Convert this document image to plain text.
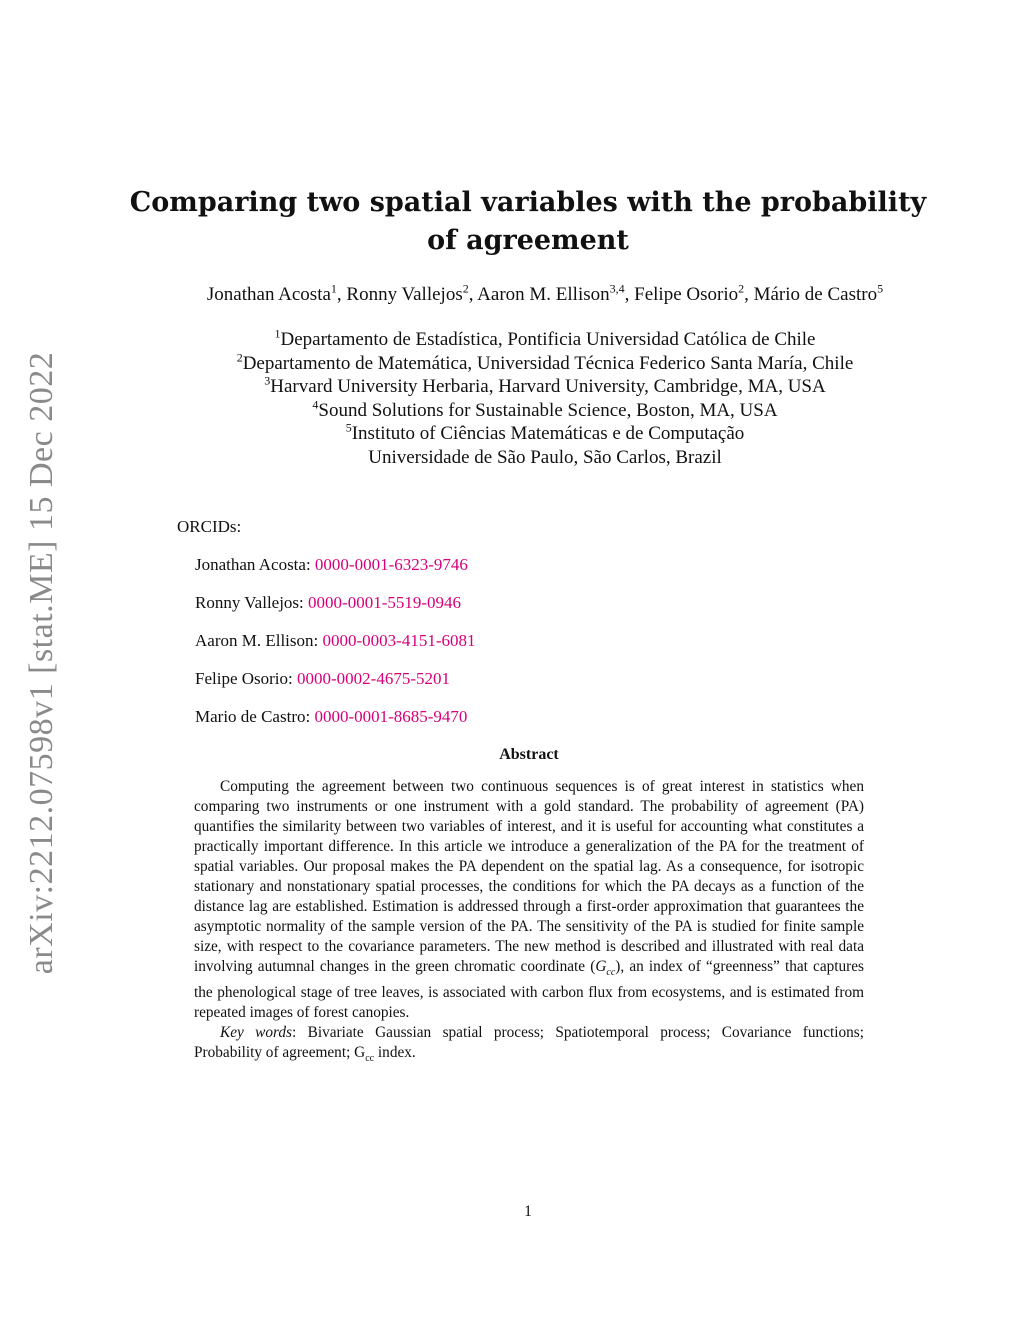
arXiv:2212.07598v1 [stat.ME] 15 Dec 2022
Comparing two spatial variables with the probability
of agreement
Jonathan Acosta$^1$, Ronny Vallejos$^2$, Aaron M. Ellison$^{3,4}$, Felipe Osorio$^2$, Mário de Castro$^5$
$^1$Departamento de Estadística, Pontificia Universidad Católica de Chile
$^2$Departamento de Matemática, Universidad Técnica Federico Santa María, Chile
$^3$Harvard University Herbaria, Harvard University, Cambridge, MA, USA
$^4$Sound Solutions for Sustainable Science, Boston, MA, USA
$^5$Instituto of Ciências Matemáticas e de Computação
Universidade de São Paulo, São Carlos, Brazil
ORCIDs:
Jonathan Acosta: 0000-0001-6323-9746
Ronny Vallejos: 0000-0001-5519-0946
Aaron M. Ellison: 0000-0003-4151-6081
Felipe Osorio: 0000-0002-4675-5201
Mario de Castro: 0000-0001-8685-9470
Abstract

Computing the agreement between two continuous sequences is of great interest in statistics when comparing two instruments or one instrument with a gold standard. The probability of agreement (PA) quantifies the similarity between two variables of interest, and it is useful for accounting what constitutes a practically important difference. In this article we introduce a generalization of the PA for the treatment of spatial variables. Our proposal makes the PA dependent on the spatial lag. As a consequence, for isotropic stationary and nonstationary spatial processes, the conditions for which the PA decays as a function of the distance lag are established. Estimation is addressed through a first-order approximation that guarantees the asymptotic normality of the sample version of the PA. The sensitivity of the PA is studied for finite sample size, with respect to the covariance parameters. The new method is described and illustrated with real data involving autumnal changes in the green chromatic coordinate $(G_{cc})$, an index of “greenness” that captures the phenological stage of tree leaves, is associated with carbon flux from ecosystems, and is estimated from repeated images of forest canopies.

Key words: Bivariate Gaussian spatial process; Spatiotemporal process; Covariance functions; Probability of agreement; $G_{cc}$ index.

1
